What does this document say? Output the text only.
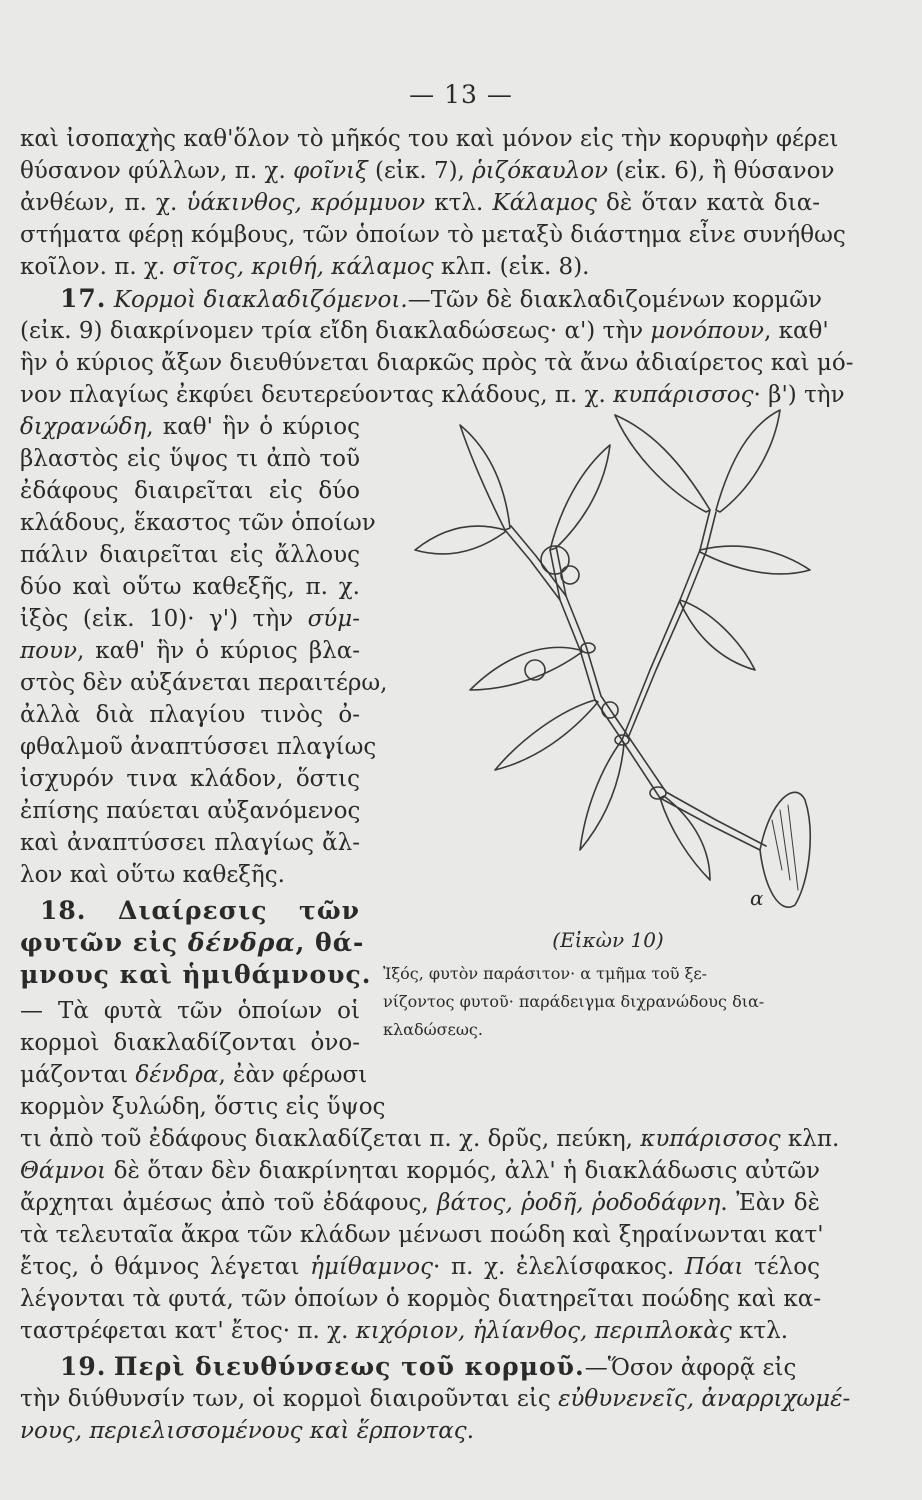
— 13 —
καὶ ἰσοπαχὴς καθ'ὅλον τὸ μῆκός του καὶ μόνον εἰς τὴν κορυφὴν φέρει
θύσανον φύλλων, π. χ. φοῖνιξ (εἰκ. 7), ῥιζόκαυλον (εἰκ. 6), ἢ θύσανον
ἀνθέων, π. χ. ὑάκινθος, κρόμμυον κτλ. Κάλαμος δὲ ὅταν κατὰ δια-
στήματα φέρῃ κόμβους, τῶν ὁποίων τὸ μεταξὺ διάστημα εἶνε συνήθως
κοῖλον. π. χ. σῖτος, κριθή, κάλαμος κλπ. (εἰκ. 8).
17. Κορμοὶ διακλαδιζόμενοι.—Τῶν δὲ διακλαδιζομένων κορμῶν
(εἰκ. 9) διακρίνομεν τρία εἴδη διακλαδώσεως· α') τὴν μονόπουν, καθ'
ἣν ὁ κύριος ἄξων διευθύνεται διαρκῶς πρὸς τὰ ἄνω ἀδιαίρετος καὶ μό-
νον πλαγίως ἐκφύει δευτερεύοντας κλάδους, π. χ. κυπάρισσος· β') τὴν
διχρανώδη, καθ' ἣν ὁ κύριος
βλαστὸς εἰς ὕψος τι ἀπὸ τοῦ
ἐδάφους διαιρεῖται εἰς δύο
κλάδους, ἕκαστος τῶν ὁποίων
πάλιν διαιρεῖται εἰς ἄλλους
δύο καὶ οὕτω καθεξῆς, π. χ.
ἰξὸς (εἰκ. 10)· γ') τὴν σύμ-
πουν, καθ' ἣν ὁ κύριος βλα-
στὸς δὲν αὐξάνεται περαιτέρω,
ἀλλὰ διὰ πλαγίου τινὸς ὀ-
φθαλμοῦ ἀναπτύσσει πλαγίως
ἰσχυρόν τινα κλάδον, ὅστις
ἐπίσης παύεται αὐξανόμενος
καὶ ἀναπτύσσει πλαγίως ἄλ-
λον καὶ οὕτω καθεξῆς.
18. Διαίρεσις τῶν
φυτῶν εἰς δένδρα, θά-
μνους καὶ ἡμιθάμνους.
— Τὰ φυτὰ τῶν ὁποίων οἱ
κορμοὶ διακλαδίζονται ὀνο-
μάζονται δένδρα, ἐὰν φέρωσι
κορμὸν ξυλώδη, ὅστις εἰς ὕψος
α
(Εἰκὼν 10)
Ἰξός, φυτὸν παράσιτον· α τμῆμα τοῦ ξε-
νίζοντος φυτοῦ· παράδειγμα διχρανώδους δια-
κλαδώσεως.
τι ἀπὸ τοῦ ἐδάφους διακλαδίζεται π. χ. δρῦς, πεύκη, κυπάρισσος κλπ.
Θάμνοι δὲ ὅταν δὲν διακρίνηται κορμός, ἀλλ' ἡ διακλάδωσις αὐτῶν
ἄρχηται ἀμέσως ἀπὸ τοῦ ἐδάφους, βάτος, ῥοδῆ, ῥοδοδάφνη. Ἐὰν δὲ
τὰ τελευταῖα ἄκρα τῶν κλάδων μένωσι ποώδη καὶ ξηραίνωνται κατ'
ἔτος, ὁ θάμνος λέγεται ἡμίθαμνος· π. χ. ἐλελίσφακος. Πόαι τέλος
λέγονται τὰ φυτά, τῶν ὁποίων ὁ κορμὸς διατηρεῖται ποώδης καὶ κα-
ταστρέφεται κατ' ἔτος· π. χ. κιχόριον, ἡλίανθος, περιπλοκὰς κτλ.
19. Περὶ διευθύνσεως τοῦ κορμοῦ.—Ὅσον ἀφορᾷ εἰς
τὴν διύθυνσίν των, οἱ κορμοὶ διαιροῦνται εἰς εὐθυνενεῖς, ἀναρριχωμέ-
νους, περιελισσομένους καὶ ἕρποντας.
